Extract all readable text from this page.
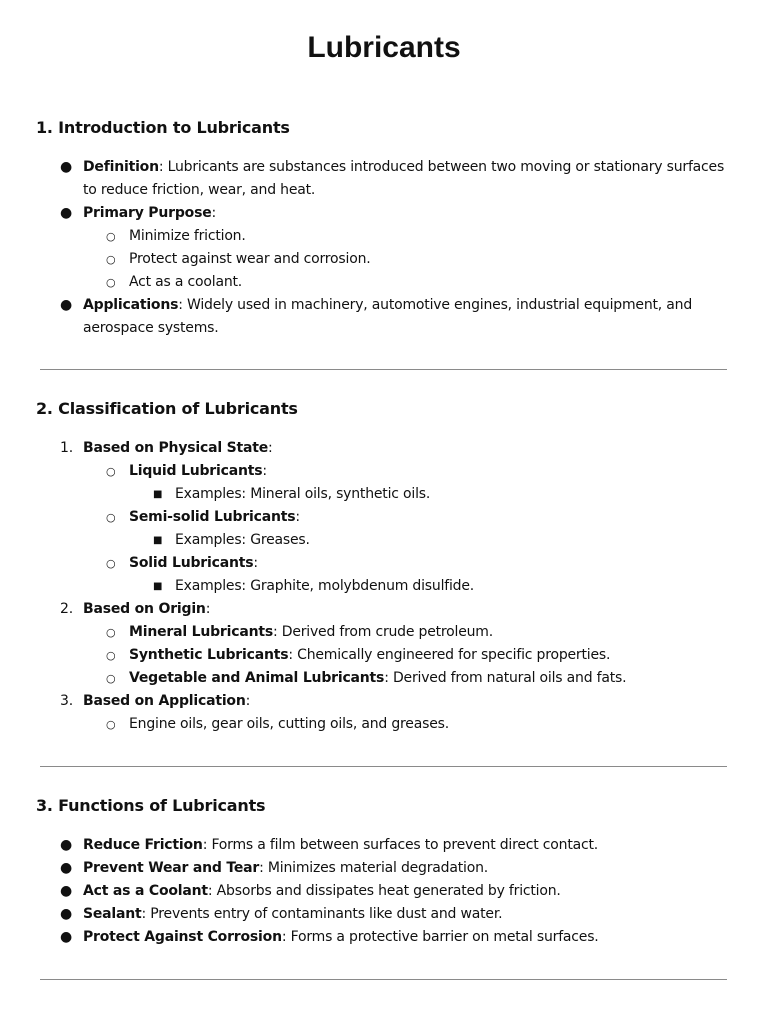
Lubricants
1. Introduction to Lubricants
● Definition: Lubricants are substances introduced between two moving or stationary surfaces to reduce friction, wear, and heat.
● Primary Purpose:
○ Minimize friction.
○ Protect against wear and corrosion.
○ Act as a coolant.
● Applications: Widely used in machinery, automotive engines, industrial equipment, and aerospace systems.
2. Classification of Lubricants
1. Based on Physical State:
○ Liquid Lubricants:
■ Examples: Mineral oils, synthetic oils.
○ Semi-solid Lubricants:
■ Examples: Greases.
○ Solid Lubricants:
■ Examples: Graphite, molybdenum disulfide.
2. Based on Origin:
○ Mineral Lubricants: Derived from crude petroleum.
○ Synthetic Lubricants: Chemically engineered for specific properties.
○ Vegetable and Animal Lubricants: Derived from natural oils and fats.
3. Based on Application:
○ Engine oils, gear oils, cutting oils, and greases.
3. Functions of Lubricants
● Reduce Friction: Forms a film between surfaces to prevent direct contact.
● Prevent Wear and Tear: Minimizes material degradation.
● Act as a Coolant: Absorbs and dissipates heat generated by friction.
● Sealant: Prevents entry of contaminants like dust and water.
● Protect Against Corrosion: Forms a protective barrier on metal surfaces.
